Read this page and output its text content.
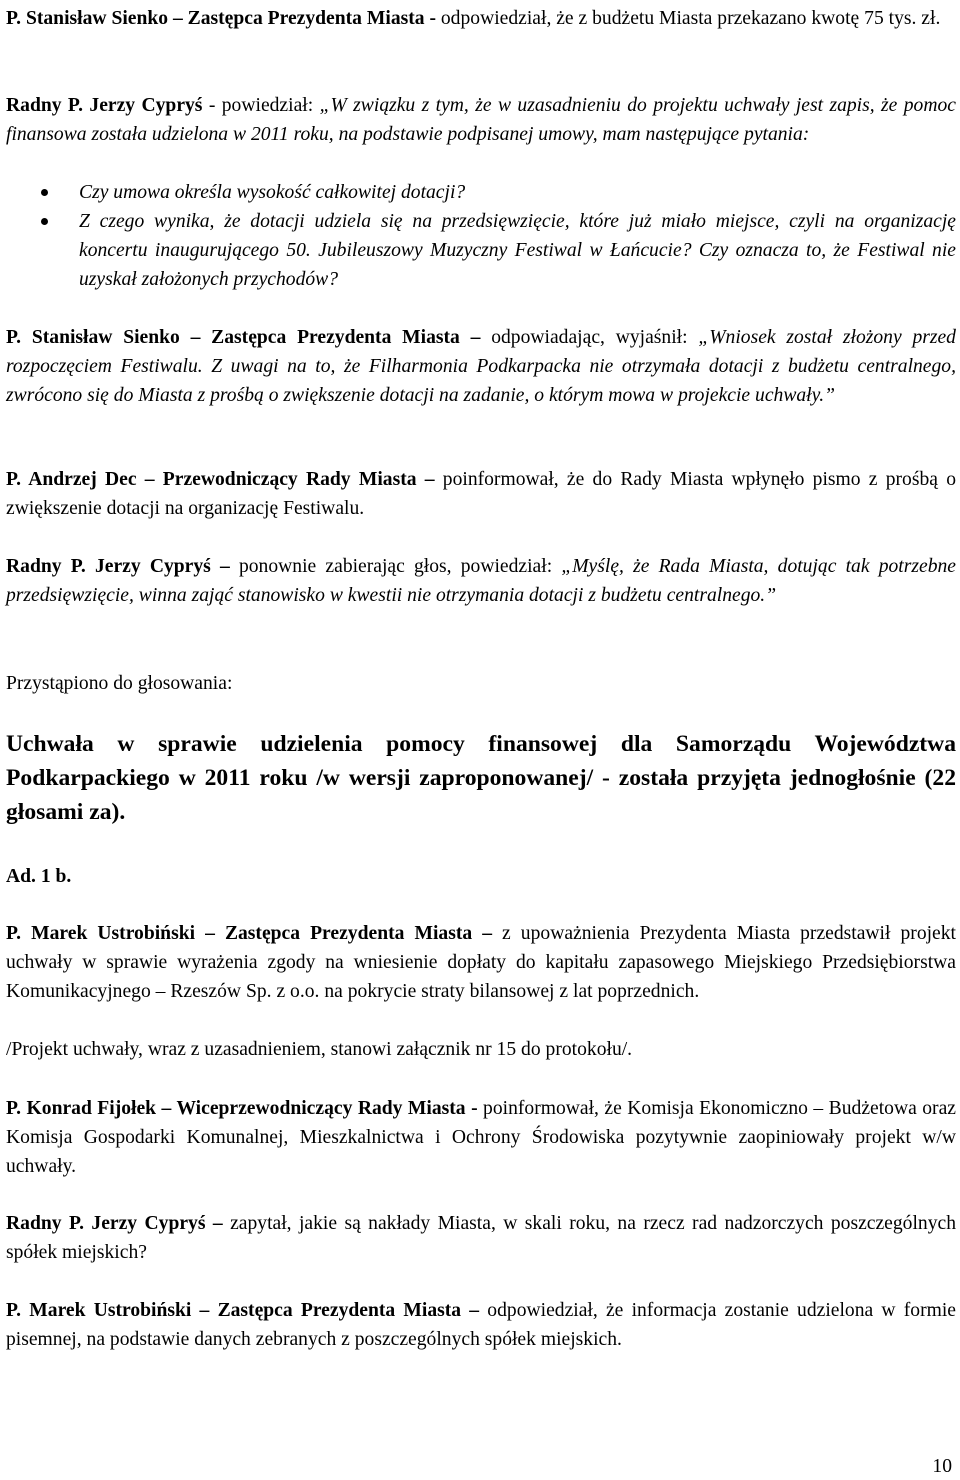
P. Stanisław Sienko – Zastępca Prezydenta Miasta - odpowiedział, że z budżetu Miasta przekazano kwotę 75 tys. zł.

Radny P. Jerzy Cypryś - powiedział: „W związku z tym, że w uzasadnieniu do projektu uchwały jest zapis, że pomoc finansowa została udzielona w 2011 roku, na podstawie podpisanej umowy, mam następujące pytania:

Czy umowa określa wysokość całkowitej dotacji?
Z czego wynika, że dotacji udziela się na przedsięwzięcie, które już miało miejsce, czyli na organizację koncertu inaugurującego 50. Jubileuszowy Muzyczny Festiwal w Łańcucie? Czy oznacza to, że Festiwal nie uzyskał założonych przychodów?

P. Stanisław Sienko – Zastępca Prezydenta Miasta – odpowiadając, wyjaśnił: „Wniosek został złożony przed rozpoczęciem Festiwalu. Z uwagi na to, że Filharmonia Podkarpacka nie otrzymała dotacji z budżetu centralnego, zwrócono się do Miasta z prośbą o zwiększenie dotacji na zadanie, o którym mowa w projekcie uchwały.”

P. Andrzej Dec – Przewodniczący Rady Miasta – poinformował, że do Rady Miasta wpłynęło pismo z prośbą o zwiększenie dotacji na organizację Festiwalu.

Radny P. Jerzy Cypryś – ponownie zabierając głos, powiedział: „Myślę, że Rada Miasta, dotując tak potrzebne przedsięwzięcie, winna zająć stanowisko w kwestii nie otrzymania dotacji z budżetu centralnego.”

Przystąpiono do głosowania:

Uchwała w sprawie udzielenia pomocy finansowej dla Samorządu Województwa Podkarpackiego w 2011 roku /w wersji zaproponowanej/ - została przyjęta jednogłośnie (22 głosami za).

Ad. 1 b.

P. Marek Ustrobiński – Zastępca Prezydenta Miasta – z upoważnienia Prezydenta Miasta przedstawił projekt uchwały w sprawie wyrażenia zgody na wniesienie dopłaty do kapitału zapasowego Miejskiego Przedsiębiorstwa Komunikacyjnego – Rzeszów Sp. z o.o. na pokrycie straty bilansowej z lat poprzednich.

/Projekt uchwały, wraz z uzasadnieniem, stanowi załącznik nr 15 do protokołu/.

P. Konrad Fijołek – Wiceprzewodniczący Rady Miasta - poinformował, że Komisja Ekonomiczno – Budżetowa oraz Komisja Gospodarki Komunalnej, Mieszkalnictwa i Ochrony Środowiska pozytywnie zaopiniowały projekt w/w uchwały.

Radny P. Jerzy Cypryś – zapytał, jakie są nakłady Miasta, w skali roku, na rzecz rad nadzorczych poszczególnych spółek miejskich?

P. Marek Ustrobiński – Zastępca Prezydenta Miasta – odpowiedział, że informacja zostanie udzielona w formie pisemnej, na podstawie danych zebranych z poszczególnych spółek miejskich.

10
